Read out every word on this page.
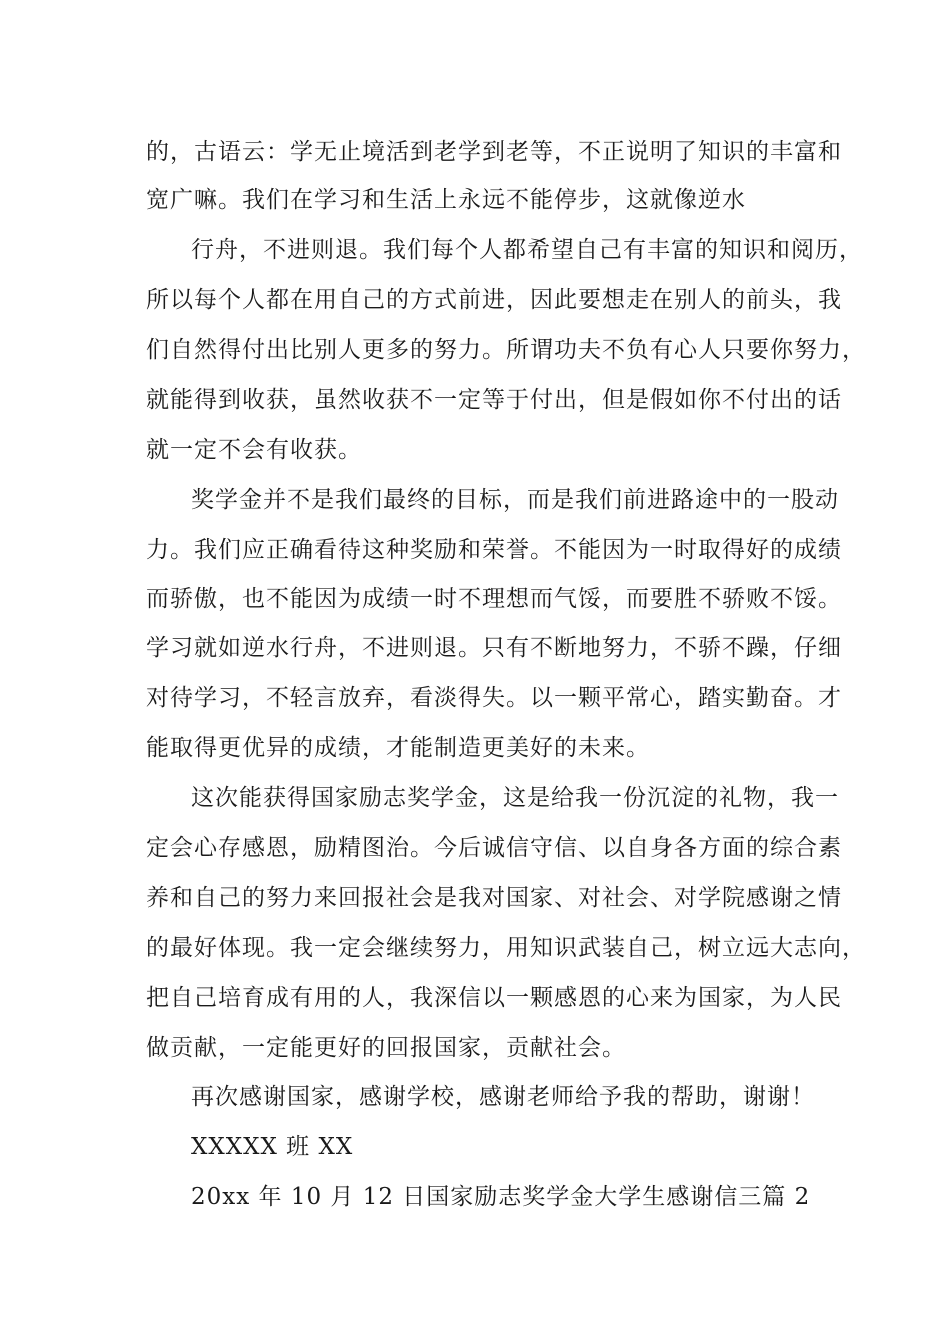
的，古语云：学无止境活到老学到老等，不正说明了知识的丰富和
宽广嘛。我们在学习和生活上永远不能停步，这就像逆水
行舟，不进则退。我们每个人都希望自己有丰富的知识和阅历，
所以每个人都在用自己的方式前进，因此要想走在别人的前头，我
们自然得付出比别人更多的努力。所谓功夫不负有心人只要你努力，
就能得到收获，虽然收获不一定等于付出，但是假如你不付出的话
就一定不会有收获。
奖学金并不是我们最终的目标，而是我们前进路途中的一股动
力。我们应正确看待这种奖励和荣誉。不能因为一时取得好的成绩
而骄傲，也不能因为成绩一时不理想而气馁，而要胜不骄败不馁。
学习就如逆水行舟，不进则退。只有不断地努力，不骄不躁，仔细
对待学习，不轻言放弃，看淡得失。以一颗平常心，踏实勤奋。才
能取得更优异的成绩，才能制造更美好的未来。
这次能获得国家励志奖学金，这是给我一份沉淀的礼物，我一
定会心存感恩，励精图治。今后诚信守信、以自身各方面的综合素
养和自己的努力来回报社会是我对国家、对社会、对学院感谢之情
的最好体现。我一定会继续努力，用知识武装自己，树立远大志向，
把自己培育成有用的人，我深信以一颗感恩的心来为国家，为人民
做贡献，一定能更好的回报国家，贡献社会。
再次感谢国家，感谢学校，感谢老师给予我的帮助，谢谢！
XXXXX 班 XX
20xx 年 10 月 12 日国家励志奖学金大学生感谢信三篇 2
